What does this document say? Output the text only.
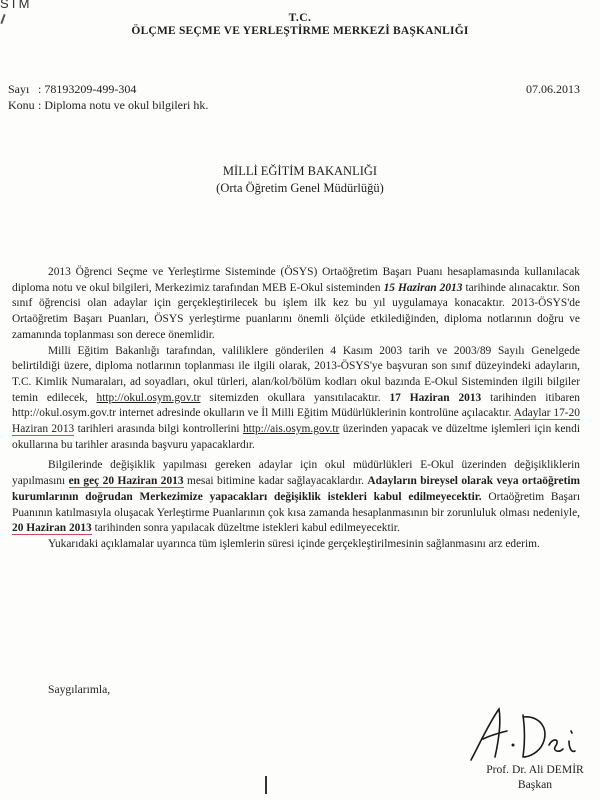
STM
T.C.
ÖLÇME SEÇME VE YERLEŞTİRME MERKEZİ BAŞKANLIĞI
Sayı : 78193209-499-304
Konu : Diploma notu ve okul bilgileri hk.
07.06.2013
MİLLİ EĞİTİM BAKANLIĞI
(Orta Öğretim Genel Müdürlüğü)

2013 Öğrenci Seçme ve Yerleştirme Sisteminde (ÖSYS) Ortaöğretim Başarı Puanı hesaplamasında kullanılacak diploma notu ve okul bilgileri, Merkezimiz tarafından MEB E-Okul sisteminden 15 Haziran 2013 tarihinde alınacaktır. Son sınıf öğrencisi olan adaylar için gerçekleştirilecek bu işlem ilk kez bu yıl uygulamaya konacaktır. 2013-ÖSYS'de Ortaöğretim Başarı Puanları, ÖSYS yerleştirme puanlarını önemli ölçüde etkilediğinden, diploma notlarının doğru ve zamanında toplanması son derece önemlidir.

Milli Eğitim Bakanlığı tarafından, valiliklere gönderilen 4 Kasım 2003 tarih ve 2003/89 Sayılı Genelgede belirtildiği üzere, diploma notlarının toplanması ile ilgili olarak, 2013-ÖSYS'ye başvuran son sınıf düzeyindeki adayların, T.C. Kimlik Numaraları, ad soyadları, okul türleri, alan/kol/bölüm kodları okul bazında E-Okul Sisteminden ilgili bilgiler temin edilecek, http://okul.osym.gov.tr sitemizden okullara yansıtılacaktır. 17 Haziran 2013 tarihinden itibaren http://okul.osym.gov.tr internet adresinde okulların ve İl Milli Eğitim Müdürlüklerinin kontrolüne açılacaktır. Adaylar 17-20 Haziran 2013 tarihleri arasında bilgi kontrollerini http://ais.osym.gov.tr üzerinden yapacak ve düzeltme işlemleri için kendi okullarına bu tarihler arasında başvuru yapacaklardır.

Bilgilerinde değişiklik yapılması gereken adaylar için okul müdürlükleri E-Okul üzerinden değişikliklerin yapılmasını en geç 20 Haziran 2013 mesai bitimine kadar sağlayacaklardır. Adayların bireysel olarak veya ortaöğretim kurumlarının doğrudan Merkezimize yapacakları değişiklik istekleri kabul edilmeyecektir. Ortaöğretim Başarı Puanının katılmasıyla oluşacak Yerleştirme Puanlarının çok kısa zamanda hesaplanmasının bir zorunluluk olması nedeniyle, 20 Haziran 2013 tarihinden sonra yapılacak düzeltme istekleri kabul edilmeyecektir.

Yukarıdaki açıklamalar uyarınca tüm işlemlerin süresi içinde gerçekleştirilmesinin sağlanmasını arz ederim.

Saygılarımla,
Prof. Dr. Ali DEMİR
Başkan
